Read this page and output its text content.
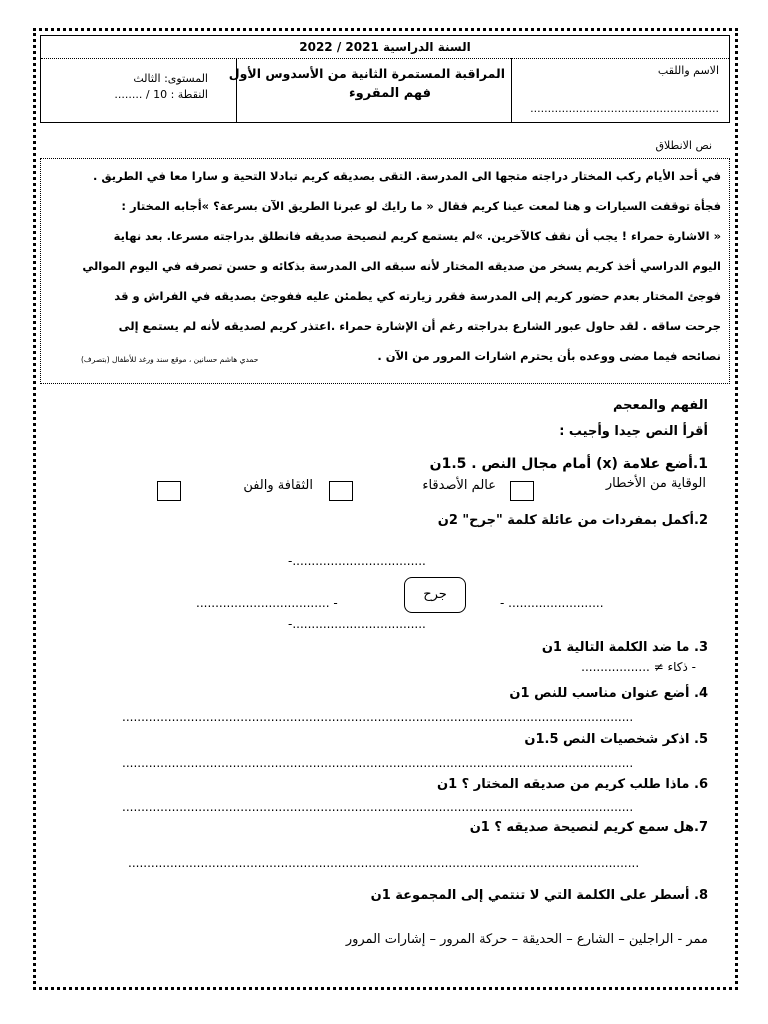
السنة الدراسية 2021 / 2022
الاسم واللقب
......................................................
المراقبة المستمرة الثانية من الأسدوس الأول
فهم المقروء
المستوى: الثالث
النقطة : 10 / ........
نص الانطلاق
في أحد الأيام ركب المختار دراجته متجها الى المدرسة. التقى بصديقه كريم تبادلا التحية و سارا معا في الطريق .
فجأة توقفت السيارات و هنا لمعت عينا كريم فقال « ما رايك لو عبرنا الطريق الآن بسرعة؟ »أجابه المختار :
« الاشارة حمراء ! يجب أن نقف كالآخرين. »لم يستمع كريم لنصيحة صديقه فانطلق بدراجته مسرعا. بعد نهاية
اليوم الدراسي أخذ كريم يسخر من صديقه المختار لأنه سبقه الى المدرسة بذكائه و حسن تصرفه في اليوم الموالي
فوجئ المختار بعدم حضور كريم إلى المدرسة فقرر زيارته كي يطمئن عليه ففوجئ بصديقه في الفراش و قد
جرحت ساقه . لقد حاول عبور الشارع بدراجته رغم أن الإشارة حمراء .اعتذر كريم لصديقه لأنه لم يستمع إلى
نصائحه فيما مضى ووعده بأن يحترم اشارات المرور من الآن .
حمدي هاشم حسانين ، موقع سند ورغد للأطفال (بتصرف)
الفهم والمعجم
أقرأ النص جيدا وأجيب :
1.أضع علامة (x) أمام مجال النص . 1.5ن
الوقاية من الأخطار
عالم الأصدقاء
الثقافة والفن
2.أكمل بمفردات من عائلة كلمة "جرح" 2ن
-...................................
جرح
................................... -	- .........................
-...................................
3. ما ضد الكلمة التالية 1ن
- ذكاء ≠ ..................
4. أضع عنوان مناسب للنص 1ن
......................................................................................................................................
5. اذكر شخصيات النص 1.5ن
......................................................................................................................................
6. ماذا طلب كريم من صديقه المختار ؟ 1ن
......................................................................................................................................
7.هل سمع كريم لنصيحة صديقه ؟ 1ن
......................................................................................................................................
8. أسطر على الكلمة التي لا تنتمي إلى المجموعة 1ن
ممر - الراجلين – الشارع – الحديقة – حركة المرور – إشارات المرور
